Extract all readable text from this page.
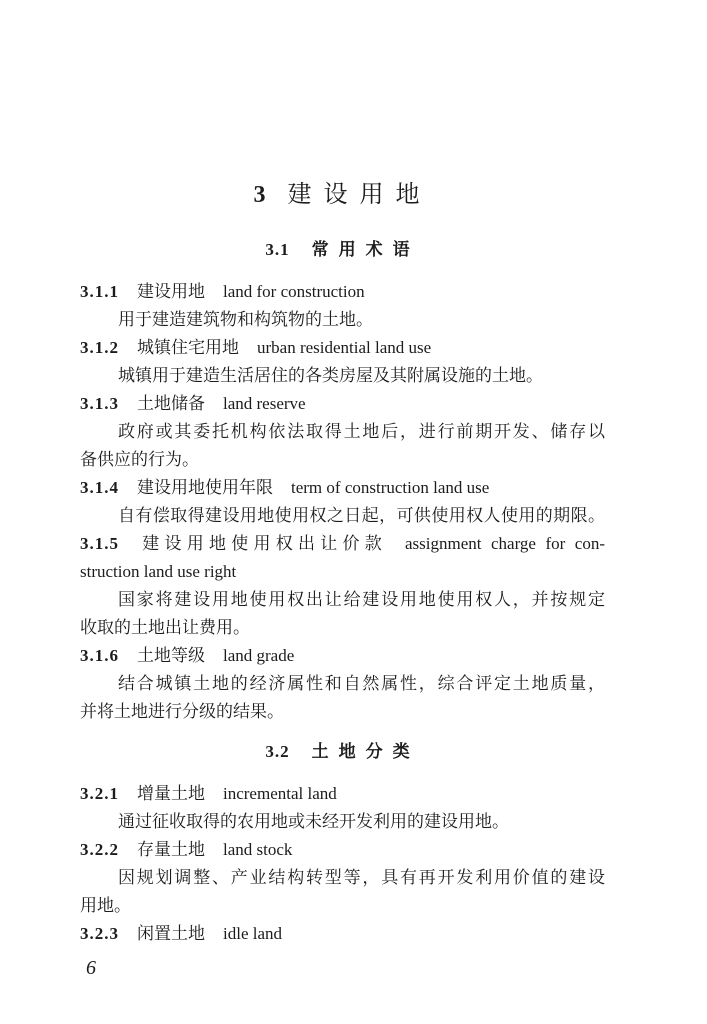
3 建设用地
3.1 常用术语
3.1.1 建设用地 land for construction
用于建造建筑物和构筑物的土地。
3.1.2 城镇住宅用地 urban residential land use
城镇用于建造生活居住的各类房屋及其附属设施的土地。
3.1.3 土地储备 land reserve
政府或其委托机构依法取得土地后，进行前期开发、储存以
备供应的行为。
3.1.4 建设用地使用年限 term of construction land use
自有偿取得建设用地使用权之日起，可供使用权人使用的期限。
3.1.5 建设用地使用权出让价款 assignment charge for con-
struction land use right
国家将建设用地使用权出让给建设用地使用权人，并按规定
收取的土地出让费用。
3.1.6 土地等级 land grade
结合城镇土地的经济属性和自然属性，综合评定土地质量，
并将土地进行分级的结果。
3.2 土地分类
3.2.1 增量土地 incremental land
通过征收取得的农用地或未经开发利用的建设用地。
3.2.2 存量土地 land stock
因规划调整、产业结构转型等，具有再开发利用价值的建设
用地。
3.2.3 闲置土地 idle land
6
